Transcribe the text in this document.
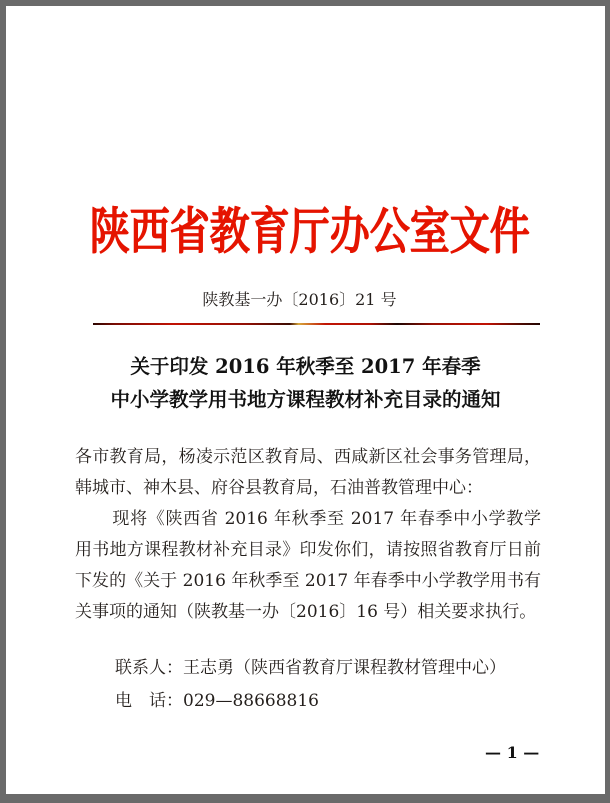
陕西省教育厅办公室文件
陕教基一办〔2016〕21 号
关于印发 2016 年秋季至 2017 年春季
中小学教学用书地方课程教材补充目录的通知

各市教育局，杨凌示范区教育局、西咸新区社会事务管理局，韩城市、神木县、府谷县教育局，石油普教管理中心：

现将《陕西省 2016 年秋季至 2017 年春季中小学教学用书地方课程教材补充目录》印发你们，请按照省教育厅日前下发的《关于 2016 年秋季至 2017 年春季中小学教学用书有关事项的通知（陕教基一办〔2016〕16 号）相关要求执行。

联系人：王志勇（陕西省教育厅课程教材管理中心）
电　话：029—88668816
— 1 —
